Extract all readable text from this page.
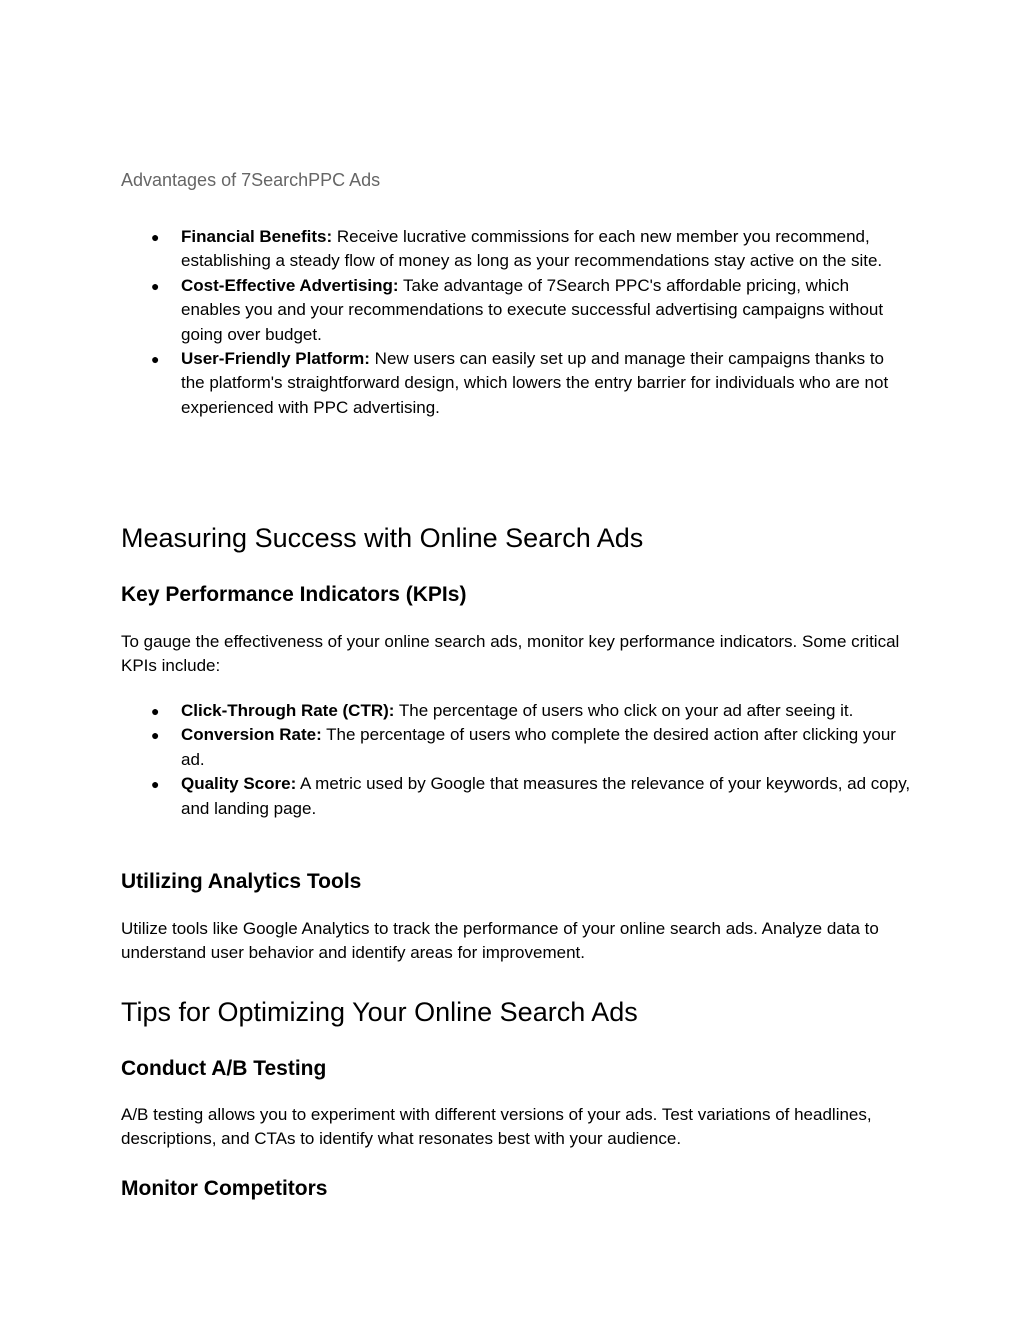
Advantages of 7SearchPPC Ads
● Financial Benefits: Receive lucrative commissions for each new member you recommend, establishing a steady flow of money as long as your recommendations stay active on the site.
● Cost-Effective Advertising: Take advantage of 7Search PPC's affordable pricing, which enables you and your recommendations to execute successful advertising campaigns without going over budget.
● User-Friendly Platform: New users can easily set up and manage their campaigns thanks to the platform's straightforward design, which lowers the entry barrier for individuals who are not experienced with PPC advertising.
Measuring Success with Online Search Ads
Key Performance Indicators (KPIs)
To gauge the effectiveness of your online search ads, monitor key performance indicators. Some critical KPIs include:
● Click-Through Rate (CTR): The percentage of users who click on your ad after seeing it.
● Conversion Rate: The percentage of users who complete the desired action after clicking your ad.
● Quality Score: A metric used by Google that measures the relevance of your keywords, ad copy, and landing page.
Utilizing Analytics Tools
Utilize tools like Google Analytics to track the performance of your online search ads. Analyze data to understand user behavior and identify areas for improvement.
Tips for Optimizing Your Online Search Ads
Conduct A/B Testing
A/B testing allows you to experiment with different versions of your ads. Test variations of headlines, descriptions, and CTAs to identify what resonates best with your audience.
Monitor Competitors
